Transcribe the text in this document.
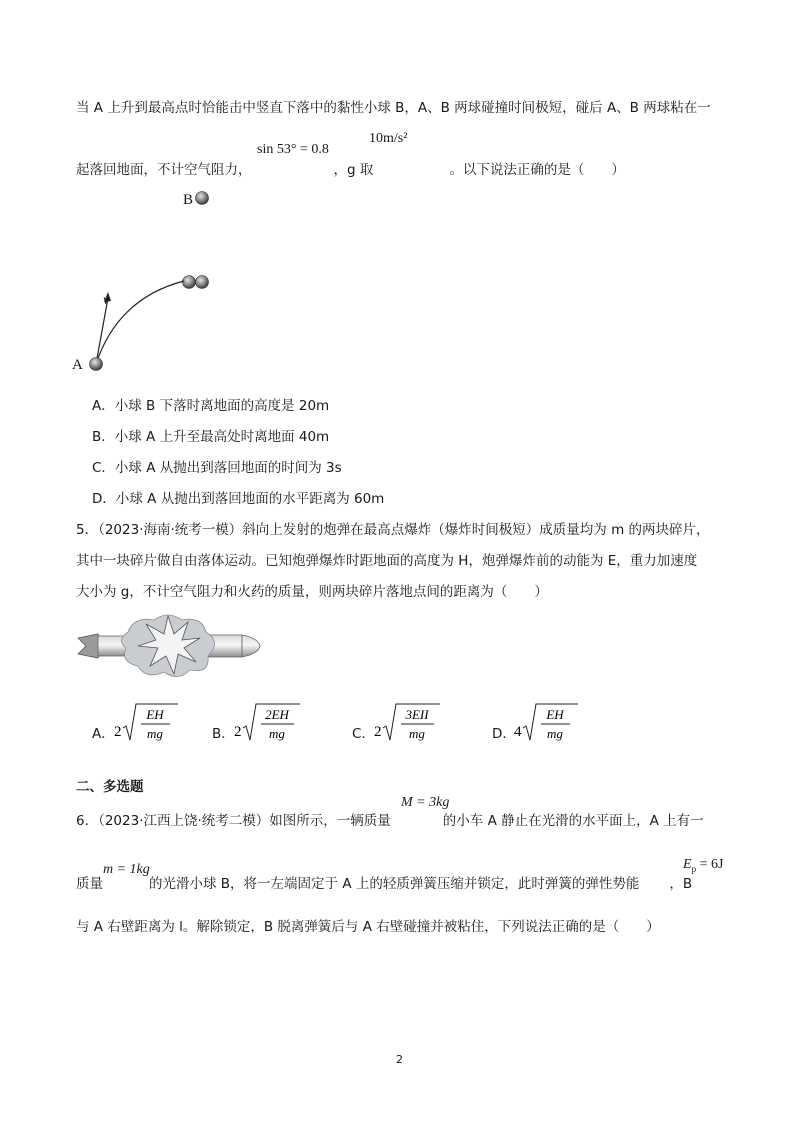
当 A 上升到最高点时恰能击中竖直下落中的黏性小球 B，A、B 两球碰撞时间极短，碰后 A、B 两球粘在一
sin 53° = 0.8
10m/s²
起落回地面，不计空气阻力，	，g 取	。以下说法正确的是（　　）
B
v
A
A．小球 B 下落时离地面的高度是 20m
B．小球 A 上升至最高处时离地面 40m
C．小球 A 从抛出到落回地面的时间为 3s
D．小球 A 从抛出到落回地面的水平距离为 60m
5．（2023·海南·统考一模）斜向上发射的炮弹在最高点爆炸（爆炸时间极短）成质量均为 m 的两块碎片，
其中一块碎片做自由落体运动。已知炮弹爆炸时距地面的高度为 H，炮弹爆炸前的动能为 E，重力加速度
大小为 g，不计空气阻力和火药的质量，则两块碎片落地点间的距离为（　　）
A． 2
EH
mg	B． 2
2EH
mg	C． 2
3EII
mg	D．
4
EH
mg
二、多选题
M = 3kg
6．（2023·江西上饶·统考二模）如图所示，一辆质量	的小车 A 静止在光滑的水平面上，A 上有一
m = 1kg	$E_p = 6J$
质量	的光滑小球 B，将一左端固定于 A 上的轻质弹簧压缩并锁定，此时弹簧的弹性势能 ，B
与 A 右壁距离为 l。解除锁定，B 脱离弹簧后与 A 右壁碰撞并被粘住，下列说法正确的是（　　）
2
